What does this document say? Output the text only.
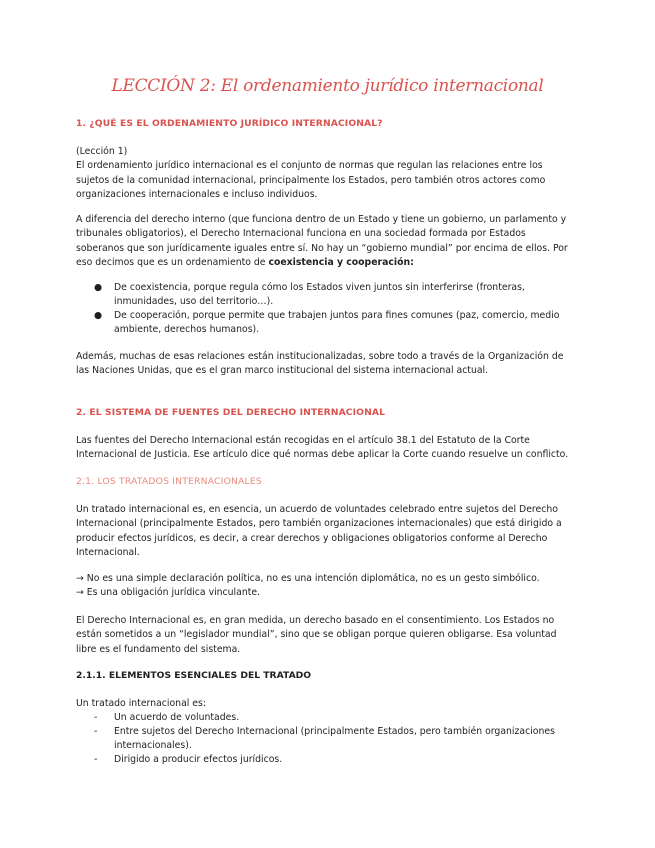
LECCIÓN 2: El ordenamiento jurídico internacional
1. ¿QUÉ ES EL ORDENAMIENTO JURÍDICO INTERNACIONAL?
(Lección 1)
El ordenamiento jurídico internacional es el conjunto de normas que regulan las relaciones entre los sujetos de la comunidad internacional, principalmente los Estados, pero también otros actores como organizaciones internacionales e incluso individuos.
A diferencia del derecho interno (que funciona dentro de un Estado y tiene un gobierno, un parlamento y tribunales obligatorios), el Derecho Internacional funciona en una sociedad formada por Estados soberanos que son jurídicamente iguales entre sí. No hay un “gobierno mundial” por encima de ellos. Por eso decimos que es un ordenamiento de coexistencia y cooperación:
●	De coexistencia, porque regula cómo los Estados viven juntos sin interferirse (fronteras, inmunidades, uso del territorio…).
●	De cooperación, porque permite que trabajen juntos para fines comunes (paz, comercio, medio ambiente, derechos humanos).
Además, muchas de esas relaciones están institucionalizadas, sobre todo a través de la Organización de las Naciones Unidas, que es el gran marco institucional del sistema internacional actual.
2. EL SISTEMA DE FUENTES DEL DERECHO INTERNACIONAL
Las fuentes del Derecho Internacional están recogidas en el artículo 38.1 del Estatuto de la Corte Internacional de Justicia. Ese artículo dice qué normas debe aplicar la Corte cuando resuelve un conflicto.
2.1. LOS TRATADOS INTERNACIONALES
Un tratado internacional es, en esencia, un acuerdo de voluntades celebrado entre sujetos del Derecho Internacional (principalmente Estados, pero también organizaciones internacionales) que está dirigido a producir efectos jurídicos, es decir, a crear derechos y obligaciones obligatorios conforme al Derecho Internacional.
→ No es una simple declaración política, no es una intención diplomática, no es un gesto simbólico.
→ Es una obligación jurídica vinculante.
El Derecho Internacional es, en gran medida, un derecho basado en el consentimiento. Los Estados no están sometidos a un “legislador mundial”, sino que se obligan porque quieren obligarse. Esa voluntad libre es el fundamento del sistema.
2.1.1. ELEMENTOS ESENCIALES DEL TRATADO
Un tratado internacional es:
- Un acuerdo de voluntades.
- Entre sujetos del Derecho Internacional (principalmente Estados, pero también organizaciones internacionales).
- Dirigido a producir efectos jurídicos.
